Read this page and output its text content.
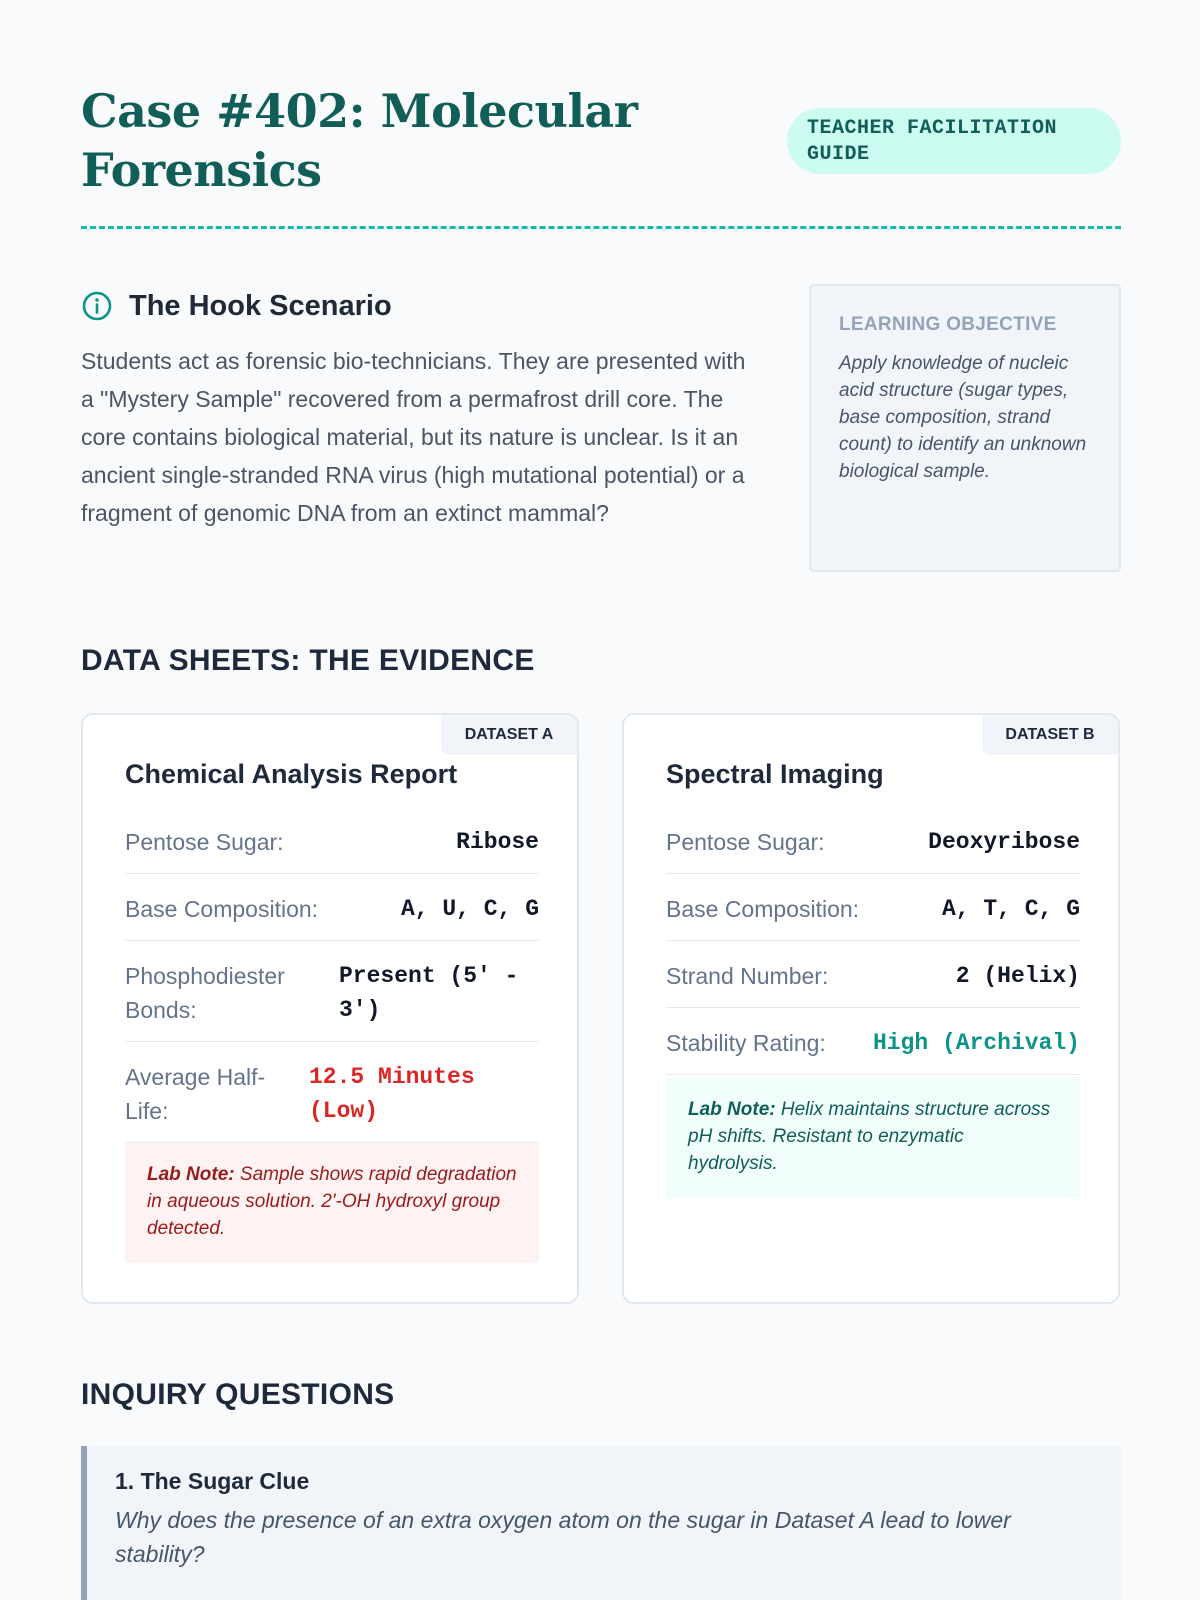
Case #402: Molecular Forensics
TEACHER FACILITATION GUIDE
The Hook Scenario

Students act as forensic bio-technicians. They are presented with a "Mystery Sample" recovered from a permafrost drill core. The core contains biological material, but its nature is unclear. Is it an ancient single-stranded RNA virus (high mutational potential) or a fragment of genomic DNA from an extinct mammal?

LEARNING OBJECTIVE
Apply knowledge of nucleic acid structure (sugar types, base composition, strand count) to identify an unknown biological sample.
DATA SHEETS: THE EVIDENCE
DATASET A
Chemical Analysis Report
Pentose Sugar:	Ribose
Base Composition:	A, U, C, G
Phosphodiester Bonds:
Present (5' - 3')
Average Half-Life:
12.5 Minutes (Low)
Lab Note: Sample shows rapid degradation in aqueous solution. 2'-OH hydroxyl group detected.
DATASET B
Spectral Imaging
Pentose Sugar:	Deoxyribose
Base Composition:	A, T, C, G
Strand Number:	2 (Helix)
Stability Rating: High (Archival)
Lab Note: Helix maintains structure across pH shifts. Resistant to enzymatic hydrolysis.
INQUIRY QUESTIONS
1. The Sugar Clue
Why does the presence of an extra oxygen atom on the sugar in Dataset A lead to lower stability?
